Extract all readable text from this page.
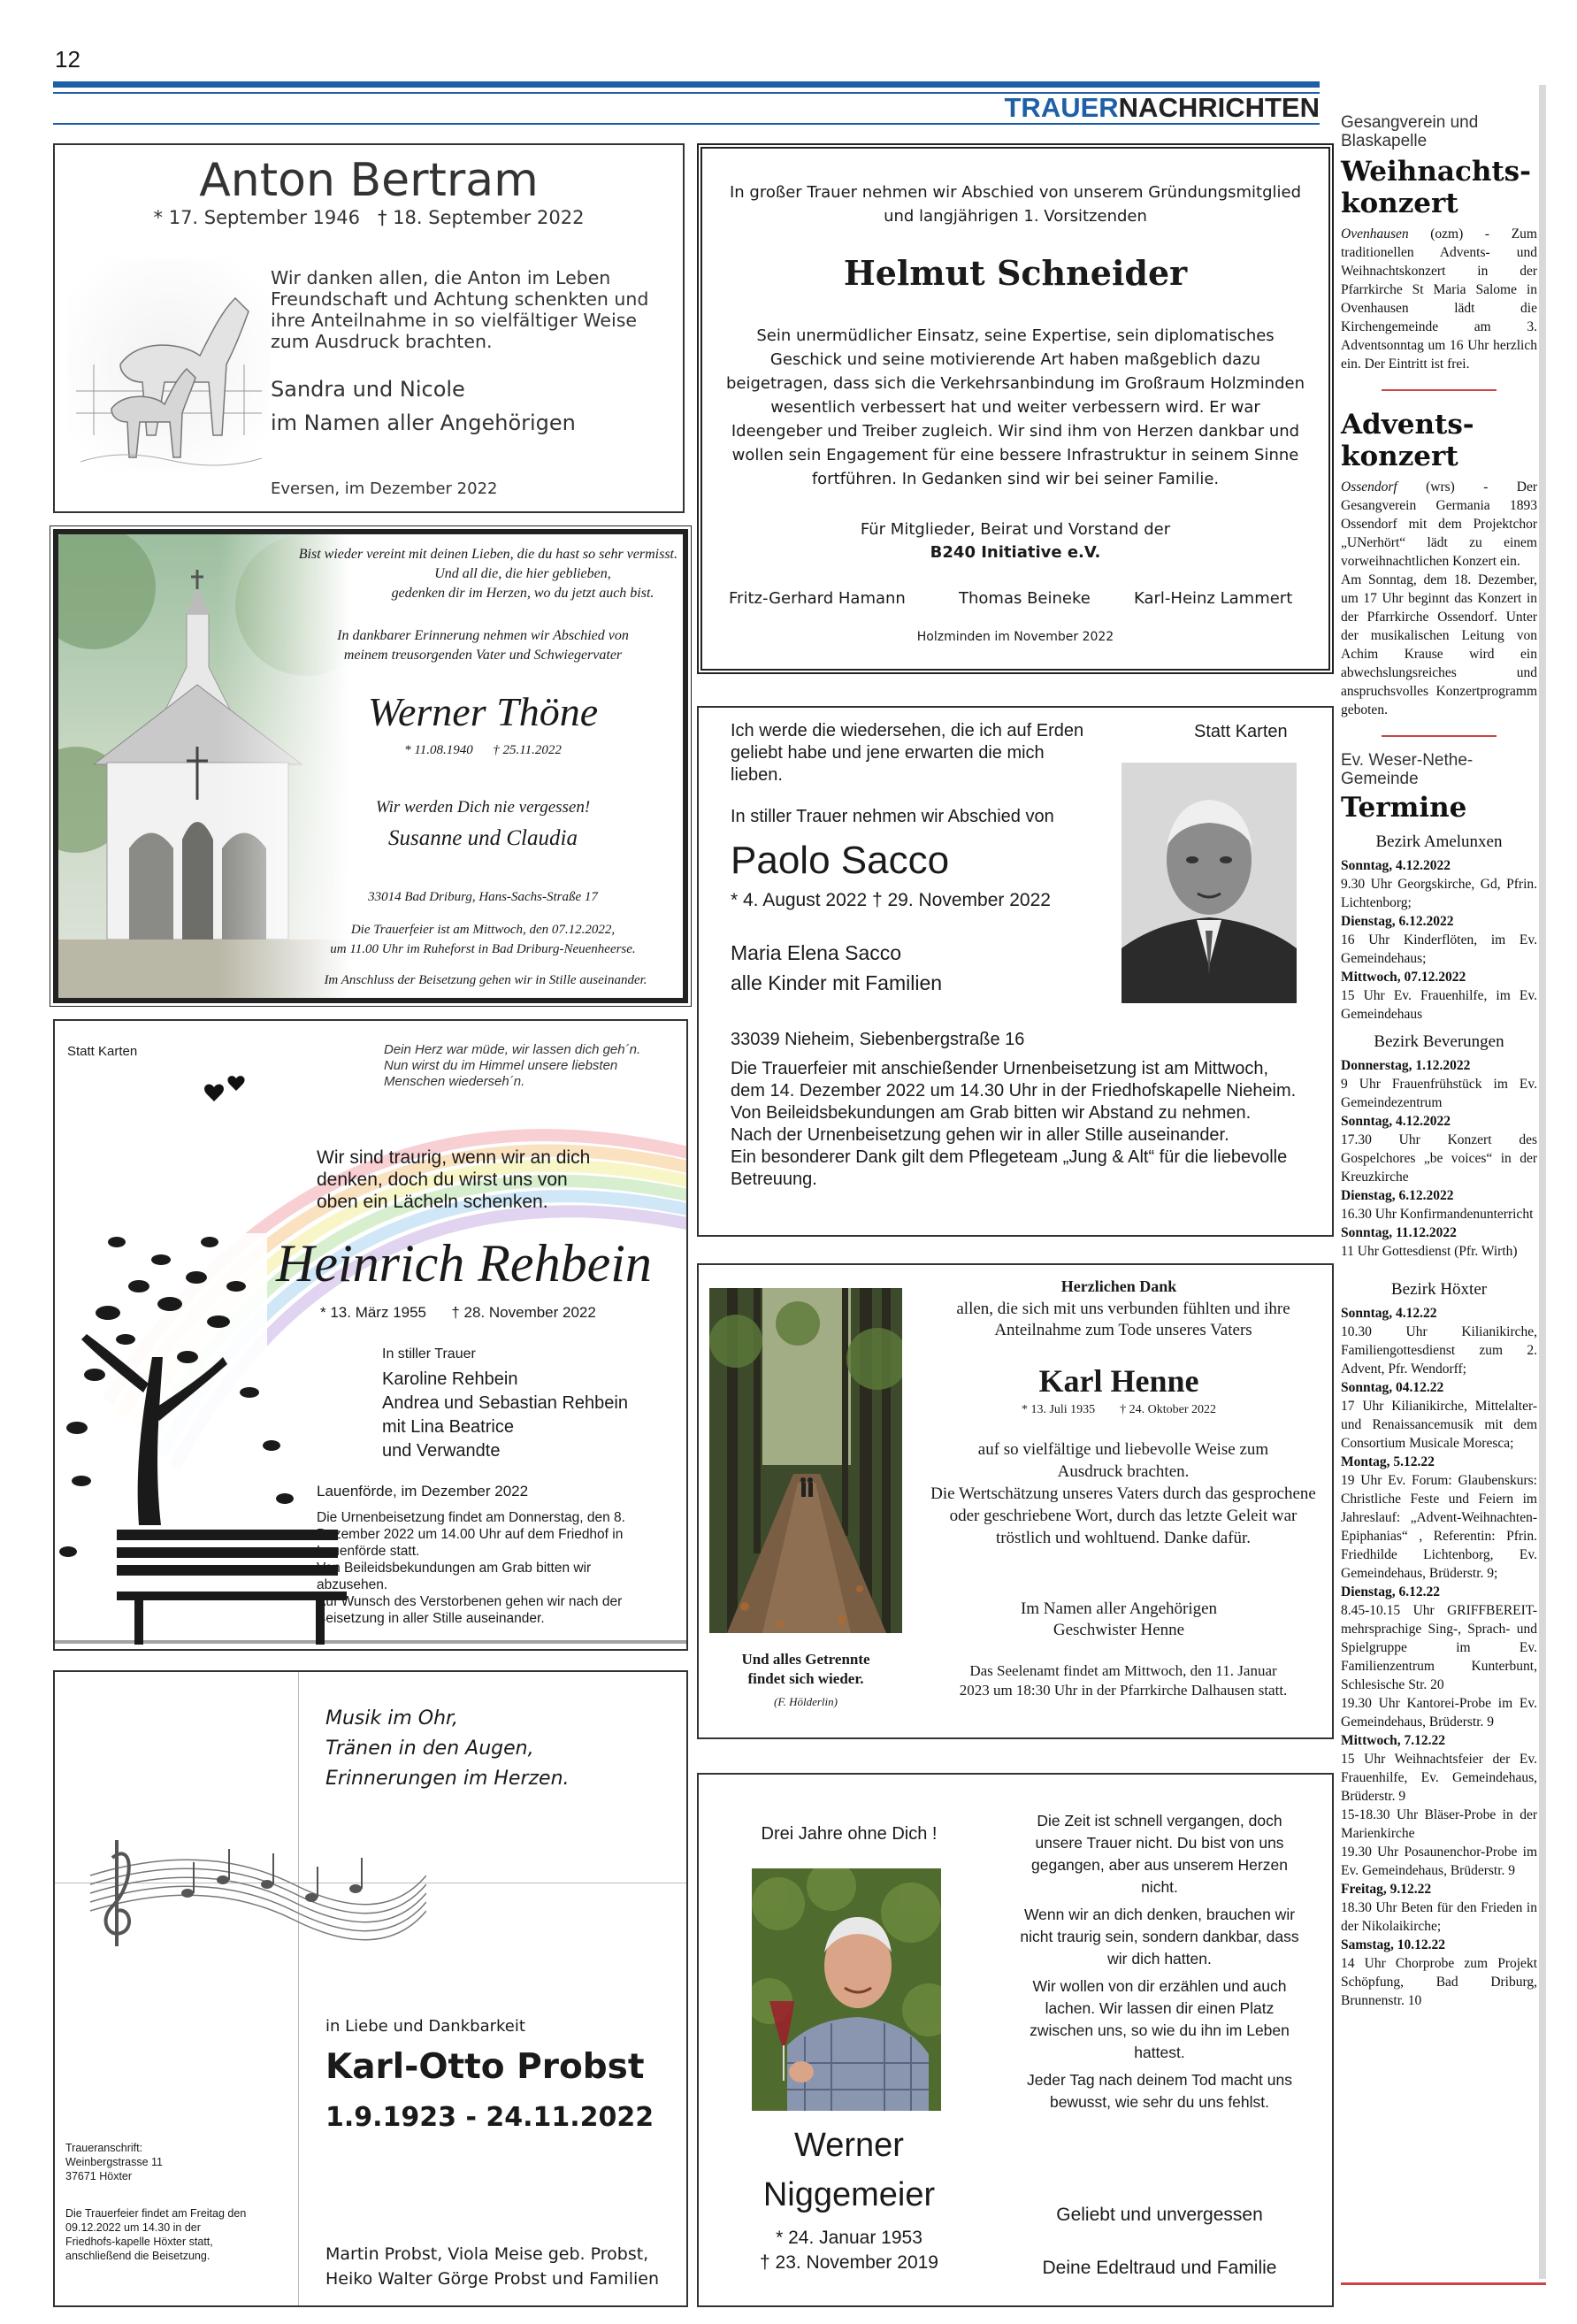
12
TRAUERNACHRICHTEN
Anton Bertram
* 17. September 1946   † 18. September 2022
Wir danken allen, die Anton im Leben Freundschaft und Achtung schenkten und ihre Anteilnahme in so vielfältiger Weise zum Ausdruck brachten.
Sandra und Nicole
im Namen aller Angehörigen
Eversen, im Dezember 2022
In großer Trauer nehmen wir Abschied von unserem Gründungsmitglied und langjährigen 1. Vorsitzenden
Helmut Schneider
Sein unermüdlicher Einsatz, seine Expertise, sein diplomatisches Geschick und seine motivierende Art haben maßgeblich dazu beigetragen, dass sich die Verkehrsanbindung im Großraum Holzminden wesentlich verbessert hat und weiter verbessern wird. Er war Ideengeber und Treiber zugleich. Wir sind ihm von Herzen dankbar und wollen sein Engagement für eine bessere Infrastruktur in seinem Sinne fortführen. In Gedanken sind wir bei seiner Familie.
Für Mitglieder, Beirat und Vorstand der
B240 Initiative e.V.
Fritz-Gerhard Hamann	Thomas Beineke	Karl-Heinz Lammert
Holzminden im November 2022
Bist wieder vereint mit deinen Lieben, die du hast so sehr vermisst.
Und all die, die hier geblieben,
gedenken dir im Herzen, wo du jetzt auch bist.
In dankbarer Erinnerung nehmen wir Abschied von
meinem treusorgenden Vater und Schwiegervater
Werner Thöne
* 11.08.1940      † 25.11.2022
Wir werden Dich nie vergessen!
Susanne und Claudia
33014 Bad Driburg, Hans-Sachs-Straße 17
Die Trauerfeier ist am Mittwoch, den 07.12.2022,
um 11.00 Uhr im Ruheforst in Bad Driburg-Neuenheerse.
Im Anschluss der Beisetzung gehen wir in Stille auseinander.
Ich werde die wiedersehen, die ich auf Erden geliebt habe und jene erwarten die mich lieben.
Statt Karten
In stiller Trauer nehmen wir Abschied von
Paolo Sacco
* 4. August 2022 † 29. November 2022
Maria Elena Sacco
alle Kinder mit Familien
33039 Nieheim, Siebenbergstraße 16
Die Trauerfeier mit anschießender Urnenbeisetzung ist am Mittwoch, dem 14. Dezember 2022 um 14.30 Uhr in der Friedhofskapelle Nieheim.
Von Beileidsbekundungen am Grab bitten wir Abstand zu nehmen.
Nach der Urnenbeisetzung gehen wir in aller Stille auseinander.
Ein besonderer Dank gilt dem Pflegeteam „Jung & Alt“ für die liebevolle Betreuung.
Statt Karten	Dein Herz war müde, wir lassen dich geh´n. Nun wirst du im Himmel unsere liebsten Menschen wiederseh´n.
Wir sind traurig, wenn wir an dich denken, doch du wirst uns von oben ein Lächeln schenken.
Heinrich Rehbein
* 13. März 1955      † 28. November 2022
In stiller Trauer
Karoline Rehbein
Andrea und Sebastian Rehbein
mit Lina Beatrice
und Verwandte
Lauenförde, im Dezember 2022
Die Urnenbeisetzung findet am Donnerstag, den 8. Dezember 2022 um 14.00 Uhr auf dem Friedhof in Lauenförde statt.
Von Beileidsbekundungen am Grab bitten wir abzusehen.
Auf Wunsch des Verstorbenen gehen wir nach der Beisetzung in aller Stille auseinander.
Und alles Getrennte
findet sich wieder.
(F. Hölderlin)
Herzlichen Dank
allen, die sich mit uns verbunden fühlten und ihre Anteilnahme zum Tode unseres Vaters
Karl Henne
* 13. Juli 1935        † 24. Oktober 2022
auf so vielfältige und liebevolle Weise zum Ausdruck brachten.
Die Wertschätzung unseres Vaters durch das gesprochene oder geschriebene Wort, durch das letzte Geleit war tröstlich und wohltuend. Danke dafür.
Im Namen aller Angehörigen
Geschwister Henne
Das Seelenamt findet am Mittwoch, den 11. Januar 2023 um 18:30 Uhr in der Pfarrkirche Dalhausen statt.
Musik im Ohr,
Tränen in den Augen,
Erinnerungen im Herzen.
in Liebe und Dankbarkeit
Karl-Otto Probst
1.9.1923 - 24.11.2022
Martin Probst, Viola Meise geb. Probst,
Heiko Walter Görge Probst und Familien
Traueranschrift:
Weinbergstrasse 11
37671 Höxter
Die Trauerfeier findet am Freitag den 09.12.2022 um 14.30 in der Friedhofs-kapelle Höxter statt, anschließend die Beisetzung.
Drei Jahre ohne Dich !
Werner
Niggemeier
* 24. Januar 1953
† 23. November 2019

Die Zeit ist schnell vergangen, doch unsere Trauer nicht. Du bist von uns gegangen, aber aus unserem Herzen nicht.

Wenn wir an dich denken, brauchen wir nicht traurig sein, sondern dankbar, dass wir dich hatten.

Wir wollen von dir erzählen und auch lachen. Wir lassen dir einen Platz zwischen uns, so wie du ihn im Leben hattest.

Jeder Tag nach deinem Tod macht uns bewusst, wie sehr du uns fehlst.

Geliebt und unvergessen
Deine Edeltraud und Familie
Gesangverein und Blaskapelle
Weihnachts-konzert

Ovenhausen (ozm) - Zum traditionellen Advents- und Weihnachtskonzert in der Pfarrkirche St Maria Salome in Ovenhausen lädt die Kirchengemeinde am 3. Adventsonntag um 16 Uhr herzlich ein. Der Eintritt ist frei.

Advents-konzert

Ossendorf (wrs) - Der Gesangverein Germania 1893 Ossendorf mit dem Projektchor „UNerhört“ lädt zu einem vorweihnachtlichen Konzert ein.

Am Sonntag, dem 18. Dezember, um 17 Uhr beginnt das Konzert in der Pfarrkirche Ossendorf. Unter der musikalischen Leitung von Achim Krause wird ein abwechslungsreiches und anspruchsvolles Konzertprogramm geboten.

Ev. Weser-Nethe-Gemeinde
Termine
Bezirk Amelunxen
Sonntag, 4.12.2022
9.30 Uhr Georgskirche, Gd, Pfrin. Lichtenborg;
Dienstag, 6.12.2022
16 Uhr Kinderflöten, im Ev. Gemeindehaus;
Mittwoch, 07.12.2022
15 Uhr Ev. Frauenhilfe, im Ev. Gemeindehaus
Bezirk Beverungen
Donnerstag, 1.12.2022
9 Uhr Frauenfrühstück im Ev. Gemeindezentrum
Sonntag, 4.12.2022
17.30 Uhr Konzert des Gospelchores „be voices“ in der Kreuzkirche
Dienstag, 6.12.2022
16.30 Uhr Konfirmandenunterricht
Sonntag, 11.12.2022
11 Uhr Gottesdienst (Pfr. Wirth)
Bezirk Höxter
Sonntag, 4.12.22
10.30 Uhr Kilianikirche, Familiengottesdienst zum 2. Advent, Pfr. Wendorff;
Sonntag, 04.12.22
17 Uhr Kilianikirche, Mittelalter- und Renaissancemusik mit dem Consortium Musicale Moresca;
Montag, 5.12.22
19 Uhr Ev. Forum: Glaubenskurs: Christliche Feste und Feiern im Jahreslauf: „Advent-Weihnachten-Epiphanias“ , Referentin: Pfrin. Friedhilde Lichtenborg, Ev. Gemeindehaus, Brüderstr. 9;
Dienstag, 6.12.22
8.45-10.15 Uhr GRIFFBEREIT-mehrsprachige Sing-, Sprach- und Spielgruppe im Ev. Familienzentrum Kunterbunt, Schlesische Str. 20
19.30 Uhr Kantorei-Probe im Ev. Gemeindehaus, Brüderstr. 9
Mittwoch, 7.12.22
15 Uhr Weihnachtsfeier der Ev. Frauenhilfe, Ev. Gemeindehaus, Brüderstr. 9
15-18.30 Uhr Bläser-Probe in der Marienkirche
19.30 Uhr Posaunenchor-Probe im Ev. Gemeindehaus, Brüderstr. 9
Freitag, 9.12.22
18.30 Uhr Beten für den Frieden in der Nikolaikirche;
Samstag, 10.12.22
14 Uhr Chorprobe zum Projekt Schöpfung, Bad Driburg, Brunnenstr. 10
